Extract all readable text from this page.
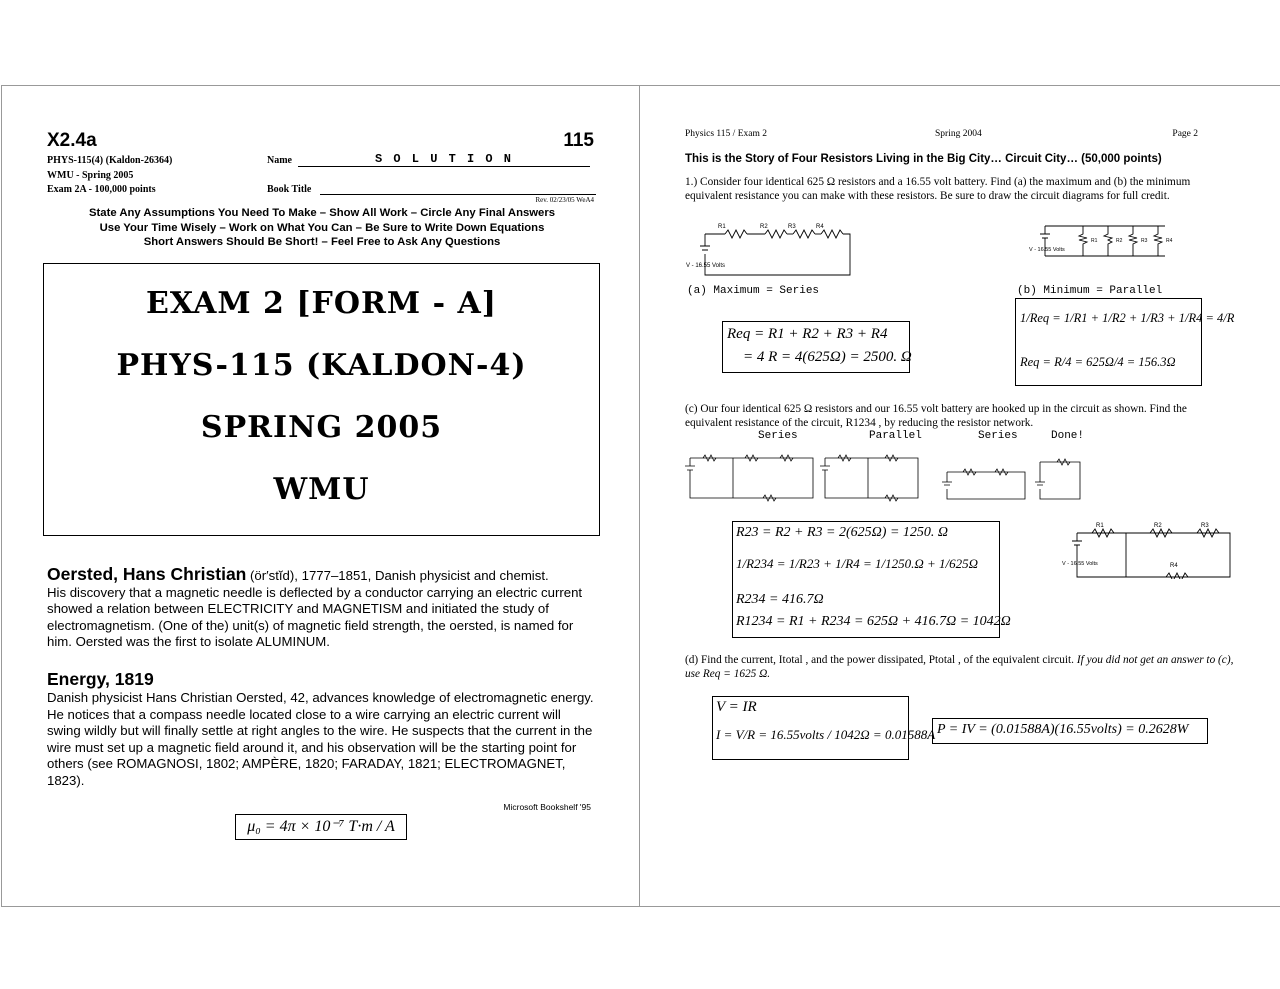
X2.4a	115
PHYS-115(4) (Kaldon-26364)
WMU - Spring 2005
Exam 2A - 100,000 points
Name	S O L U T I O N
Book Title
Rev. 02/23/05 WeA4
State Any Assumptions You Need To Make – Show All Work – Circle Any Final Answers
Use Your Time Wisely – Work on What You Can – Be Sure to Write Down Equations
Short Answers Should Be Short! – Feel Free to Ask Any Questions
EXAM 2 [FORM - A]
PHYS-115 (KALDON-4)
SPRING 2005
WMU
Oersted, Hans Christian (ör′stĭd), 1777–1851, Danish physicist and chemist.
His discovery that a magnetic needle is deflected by a conductor carrying an electric current showed a relation between ELECTRICITY and MAGNETISM and initiated the study of electromagnetism. (One of the) unit(s) of magnetic field strength, the oersted, is named for him. Oersted was the first to isolate ALUMINUM.
Energy, 1819
Danish physicist Hans Christian Oersted, 42, advances knowledge of electromagnetic energy. He notices that a compass needle located close to a wire carrying an electric current will swing wildly but will finally settle at right angles to the wire. He suspects that the current in the wire must set up a magnetic field around it, and his observation will be the starting point for others (see ROMAGNOSI, 1802; AMPÈRE, 1820; FARADAY, 1821; ELECTROMAGNET, 1823).
Microsoft Bookshelf '95
μ₀ = 4π × 10⁻⁷ T·m / A
Physics 115 / Exam 2	Spring 2004	Page 2
This is the Story of Four Resistors Living in the Big City… Circuit City… (50,000 points)
1.) Consider four identical 625 Ω resistors and a 16.55 volt battery. Find (a) the maximum and (b) the minimum equivalent resistance you can make with these resistors. Be sure to draw the circuit diagrams for full credit.
R1	R2	R3	R4
V - 16.55 Volts
R1	R2	R3	R4
V - 16.55 Volts
(a) Maximum = Series	(b) Minimum = Parallel
Req = R1 + R2 + R3 + R4
= 4 R = 4(625Ω) = 2500. Ω
1/Req = 1/R1 + 1/R2 + 1/R3 + 1/R4 = 4/R
Req = R/4 = 625Ω/4 = 156.3Ω
(c) Our four identical 625 Ω resistors and our 16.55 volt battery are hooked up in the circuit as shown. Find the equivalent resistance of the circuit, R1234 , by reducing the resistor network.
Series	Parallel	Series	Done!
R23 = R2 + R3 = 2(625Ω) = 1250. Ω
1/R234 = 1/R23 + 1/R4 = 1/1250.Ω + 1/625Ω
R234 = 416.7Ω
R1234 = R1 + R234 = 625Ω + 416.7Ω = 1042Ω
R1	R2	R3
R4
V - 16.55 Volts
(d) Find the current, Itotal , and the power dissipated, Ptotal , of the equivalent circuit. If you did not get an answer to (c), use Req = 1625 Ω.
V = IR
I = V/R = 16.55volts / 1042Ω = 0.01588A P = IV = (0.01588A)(16.55volts) = 0.2628W
